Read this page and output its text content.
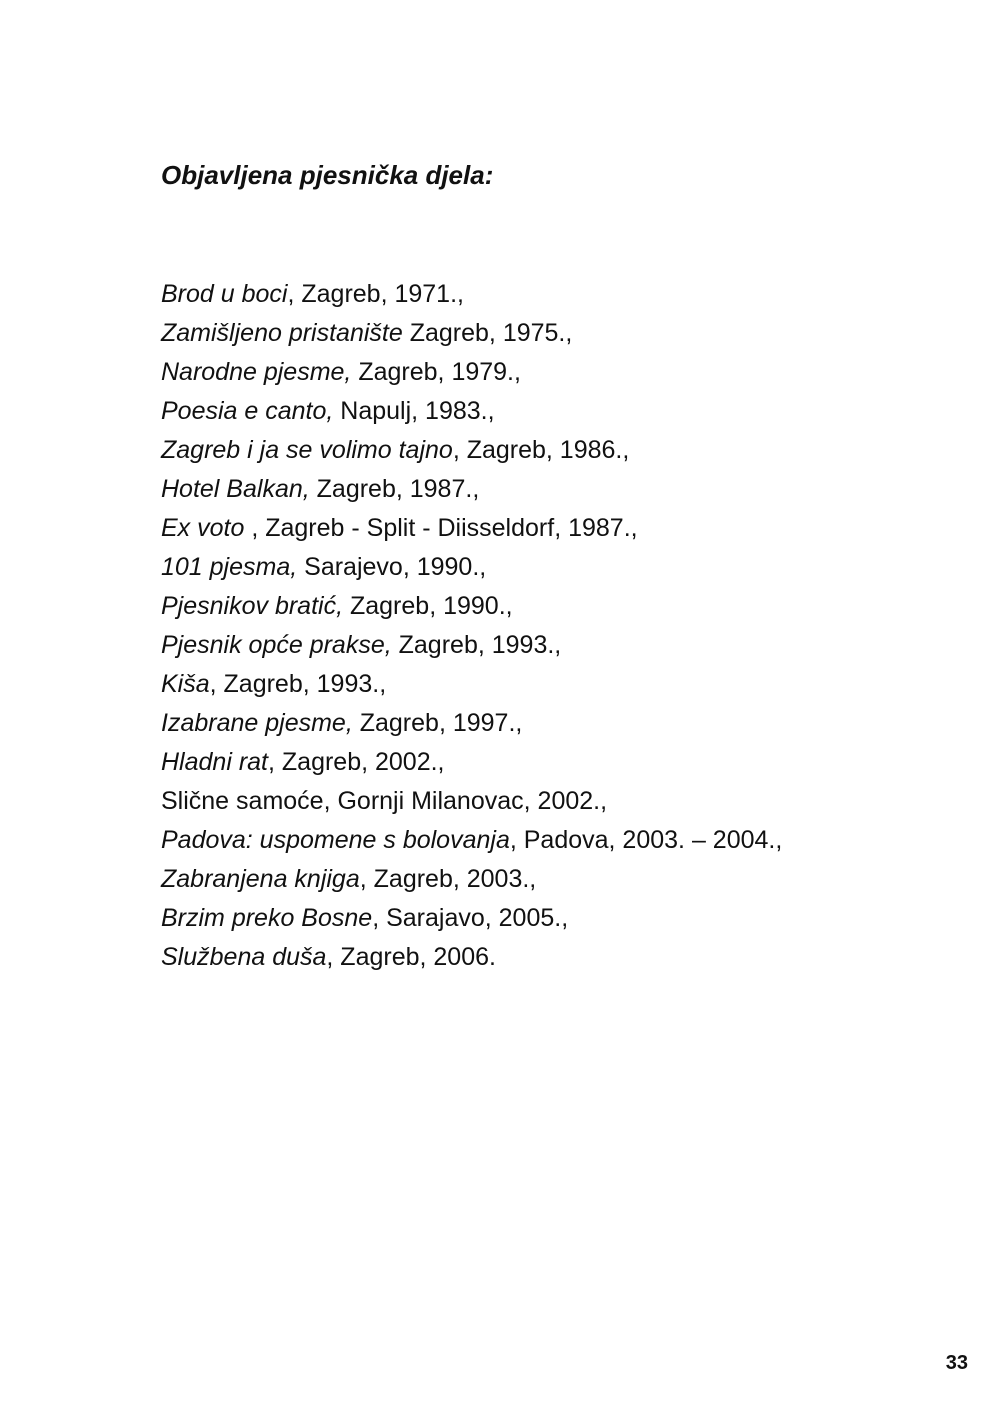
Objavljena pjesnička djela:
Brod u boci, Zagreb, 1971.,
Zamišljeno pristanište Zagreb, 1975.,
Narodne pjesme, Zagreb, 1979.,
Poesia e canto, Napulj, 1983.,
Zagreb i ja se volimo tajno, Zagreb, 1986.,
Hotel Balkan, Zagreb, 1987.,
Ex voto , Zagreb - Split - Diisseldorf, 1987.,
101 pjesma, Sarajevo, 1990.,
Pjesnikov bratić, Zagreb, 1990.,
Pjesnik opće prakse, Zagreb, 1993.,
Kiša, Zagreb, 1993.,
Izabrane pjesme, Zagreb, 1997.,
Hladni rat, Zagreb, 2002.,
Slične samoće, Gornji Milanovac, 2002.,
Padova: uspomene s bolovanja, Padova, 2003. – 2004.,
Zabranjena knjiga, Zagreb, 2003.,
Brzim preko Bosne, Sarajavo, 2005.,
Službena duša, Zagreb, 2006.
33
